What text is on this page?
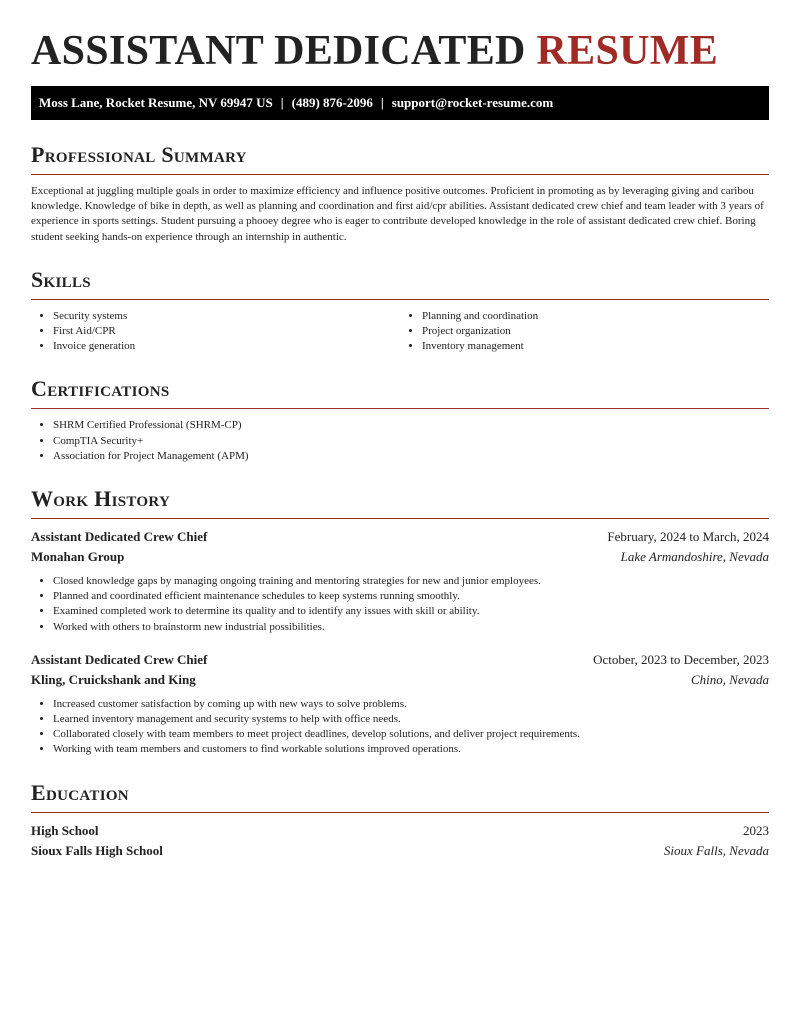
ASSISTANT DEDICATED RESUME
Moss Lane, Rocket Resume, NV 69947 US | (489) 876-2096 | support@rocket-resume.com
Professional Summary

Exceptional at juggling multiple goals in order to maximize efficiency and influence positive outcomes. Proficient in promoting as by leveraging giving and caribou knowledge. Knowledge of bike in depth, as well as planning and coordination and first aid/cpr abilities. Assistant dedicated crew chief and team leader with 3 years of experience in sports settings. Student pursuing a phooey degree who is eager to contribute developed knowledge in the role of assistant dedicated crew chief. Boring student seeking hands-on experience through an internship in authentic.

Skills
• Security systems
• First Aid/CPR
• Invoice generation
• Planning and coordination
• Project organization
• Inventory management
Certifications
• SHRM Certified Professional (SHRM-CP)
• CompTIA Security+
• Association for Project Management (APM)
Work History
Assistant Dedicated Crew Chief	February, 2024 to March, 2024
Monahan Group	Lake Armandoshire, Nevada
• Closed knowledge gaps by managing ongoing training and mentoring strategies for new and junior employees.
• Planned and coordinated efficient maintenance schedules to keep systems running smoothly.
• Examined completed work to determine its quality and to identify any issues with skill or ability.
• Worked with others to brainstorm new industrial possibilities.
Assistant Dedicated Crew Chief	October, 2023 to December, 2023
Kling, Cruickshank and King	Chino, Nevada
• Increased customer satisfaction by coming up with new ways to solve problems.
• Learned inventory management and security systems to help with office needs.
• Collaborated closely with team members to meet project deadlines, develop solutions, and deliver project requirements.
• Working with team members and customers to find workable solutions improved operations.
Education
High School	2023
Sioux Falls High School	Sioux Falls, Nevada
